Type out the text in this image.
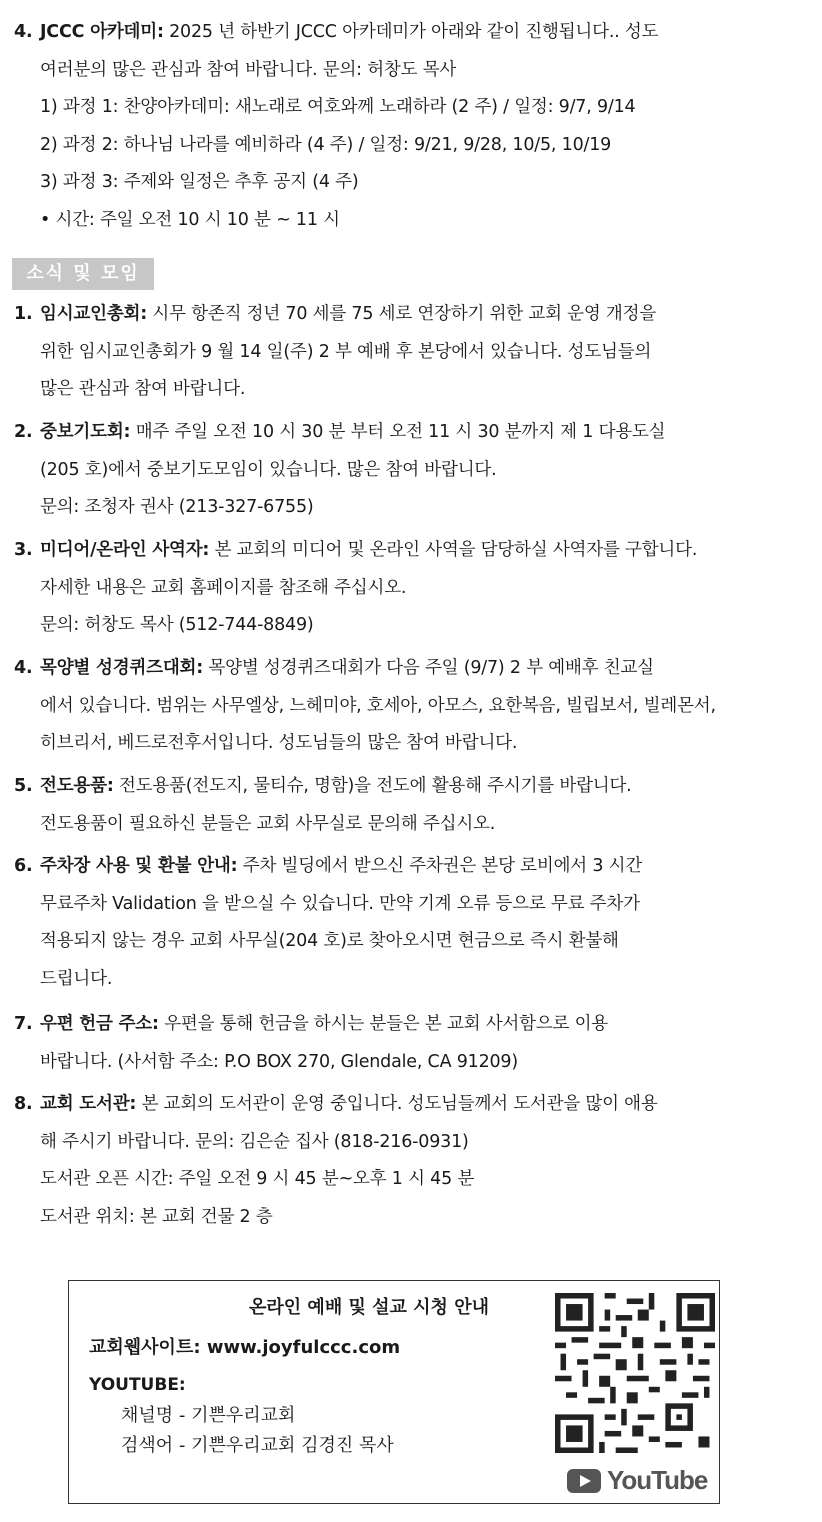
4. JCCC 아카데미: 2025 년 하반기 JCCC 아카데미가 아래와 같이 진행됩니다.. 성도
여러분의 많은 관심과 참여 바랍니다. 문의: 허창도 목사
1) 과정 1: 찬양아카데미: 새노래로 여호와께 노래하라 (2 주) / 일정: 9/7, 9/14
2) 과정 2: 하나님 나라를 예비하라 (4 주) / 일정: 9/21, 9/28, 10/5, 10/19
3) 과정 3: 주제와 일정은 추후 공지 (4 주)
• 시간: 주일 오전 10 시 10 분 ~ 11 시
소식 및 모임
1. 임시교인총회: 시무 항존직 정년 70 세를 75 세로 연장하기 위한 교회 운영 개정을
위한 임시교인총회가 9 월 14 일(주) 2 부 예배 후 본당에서 있습니다. 성도님들의
많은 관심과 참여 바랍니다.
2. 중보기도회: 매주 주일 오전 10 시 30 분 부터 오전 11 시 30 분까지 제 1 다용도실
(205 호)에서 중보기도모임이 있습니다. 많은 참여 바랍니다.
문의: 조청자 권사 (213-327-6755)
3. 미디어/온라인 사역자: 본 교회의 미디어 및 온라인 사역을 담당하실 사역자를 구합니다.
자세한 내용은 교회 홈페이지를 참조해 주십시오.
문의: 허창도 목사 (512-744-8849)
4. 목양별 성경퀴즈대회: 목양별 성경퀴즈대회가 다음 주일 (9/7) 2 부 예배후 친교실
에서 있습니다. 범위는 사무엘상, 느헤미야, 호세아, 아모스, 요한복음, 빌립보서, 빌레몬서,
히브리서, 베드로전후서입니다. 성도님들의 많은 참여 바랍니다.
5. 전도용품: 전도용품(전도지, 물티슈, 명함)을 전도에 활용해 주시기를 바랍니다.
전도용품이 필요하신 분들은 교회 사무실로 문의해 주십시오.
6. 주차장 사용 및 환불 안내: 주차 빌딩에서 받으신 주차권은 본당 로비에서 3 시간
무료주차 Validation 을 받으실 수 있습니다. 만약 기계 오류 등으로 무료 주차가
적용되지 않는 경우 교회 사무실(204 호)로 찾아오시면 현금으로 즉시 환불해
드립니다.
7. 우편 헌금 주소: 우편을 통해 헌금을 하시는 분들은 본 교회 사서함으로 이용
바랍니다. (사서함 주소: P.O BOX 270, Glendale, CA 91209)
8. 교회 도서관: 본 교회의 도서관이 운영 중입니다. 성도님들께서 도서관을 많이 애용
해 주시기 바랍니다. 문의: 김은순 집사 (818-216-0931)
도서관 오픈 시간: 주일 오전 9 시 45 분~오후 1 시 45 분
도서관 위치: 본 교회 건물 2 층
온라인 예배 및 설교 시청 안내
교회웹사이트: www.joyfulccc.com
YOUTUBE:
채널명 - 기쁜우리교회
검색어 - 기쁜우리교회 김경진 목사
YouTube
